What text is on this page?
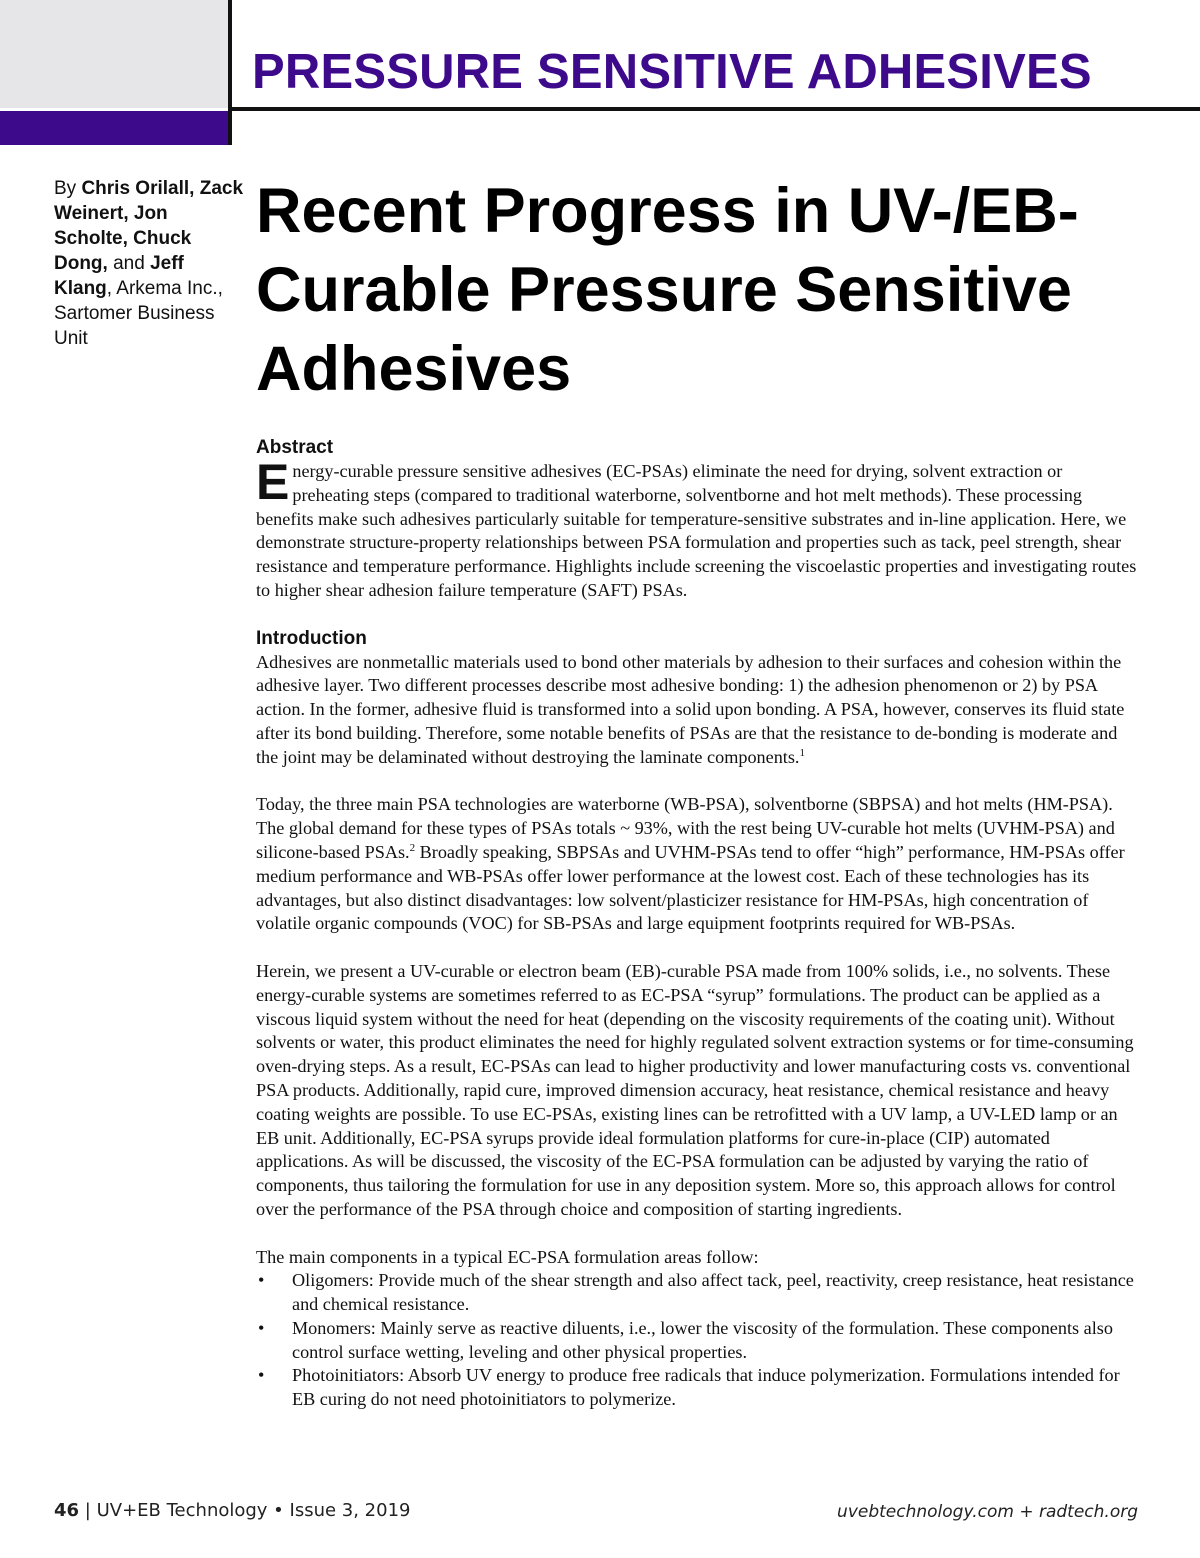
PRESSURE SENSITIVE ADHESIVES
By Chris Orilall, Zack Weinert, Jon Scholte, Chuck Dong, and Jeff Klang, Arkema Inc., Sartomer Business Unit
Recent Progress in UV-/EB-Curable Pressure Sensitive Adhesives
Abstract

Energy-curable pressure sensitive adhesives (EC-PSAs) eliminate the need for drying, solvent extraction or preheating steps (compared to traditional waterborne, solventborne and hot melt methods). These processing benefits make such adhesives particularly suitable for temperature-sensitive substrates and in-line application. Here, we demonstrate structure-property relationships between PSA formulation and properties such as tack, peel strength, shear resistance and temperature performance. Highlights include screening the viscoelastic properties and investigating routes to higher shear adhesion failure temperature (SAFT) PSAs.

Introduction

Adhesives are nonmetallic materials used to bond other materials by adhesion to their surfaces and cohesion within the adhesive layer. Two different processes describe most adhesive bonding: 1) the adhesion phenomenon or 2) by PSA action. In the former, adhesive fluid is transformed into a solid upon bonding. A PSA, however, conserves its fluid state after its bond building. Therefore, some notable benefits of PSAs are that the resistance to de-bonding is moderate and the joint may be delaminated without destroying the laminate components.$^1$

Today, the three main PSA technologies are waterborne (WB-PSA), solventborne (SBPSA) and hot melts (HM-PSA). The global demand for these types of PSAs totals ~ 93%, with the rest being UV-curable hot melts (UVHM-PSA) and silicone-based PSAs.$^2$ Broadly speaking, SBPSAs and UVHM-PSAs tend to offer “high” performance, HM-PSAs offer medium performance and WB-PSAs offer lower performance at the lowest cost. Each of these technologies has its advantages, but also distinct disadvantages: low solvent/plasticizer resistance for HM-PSAs, high concentration of volatile organic compounds (VOC) for SB-PSAs and large equipment footprints required for WB-PSAs.

Herein, we present a UV-curable or electron beam (EB)-curable PSA made from 100% solids, i.e., no solvents. These energy-curable systems are sometimes referred to as EC-PSA “syrup” formulations. The product can be applied as a viscous liquid system without the need for heat (depending on the viscosity requirements of the coating unit). Without solvents or water, this product eliminates the need for highly regulated solvent extraction systems or for time-consuming oven-drying steps. As a result, EC-PSAs can lead to higher productivity and lower manufacturing costs vs. conventional PSA products. Additionally, rapid cure, improved dimension accuracy, heat resistance, chemical resistance and heavy coating weights are possible. To use EC-PSAs, existing lines can be retrofitted with a UV lamp, a UV-LED lamp or an EB unit. Additionally, EC-PSA syrups provide ideal formulation platforms for cure-in-place (CIP) automated applications. As will be discussed, the viscosity of the EC-PSA formulation can be adjusted by varying the ratio of components, thus tailoring the formulation for use in any deposition system. More so, this approach allows for control over the performance of the PSA through choice and composition of starting ingredients.

The main components in a typical EC-PSA formulation areas follow:

• Oligomers: Provide much of the shear strength and also affect tack, peel, reactivity, creep resistance, heat resistance and chemical resistance.
• Monomers: Mainly serve as reactive diluents, i.e., lower the viscosity of the formulation. These components also control surface wetting, leveling and other physical properties.
• Photoinitiators: Absorb UV energy to produce free radicals that induce polymerization. Formulations intended for EB curing do not need photoinitiators to polymerize.
46 | UV+EB Technology • Issue 3, 2019	uvebtechnology.com + radtech.org
